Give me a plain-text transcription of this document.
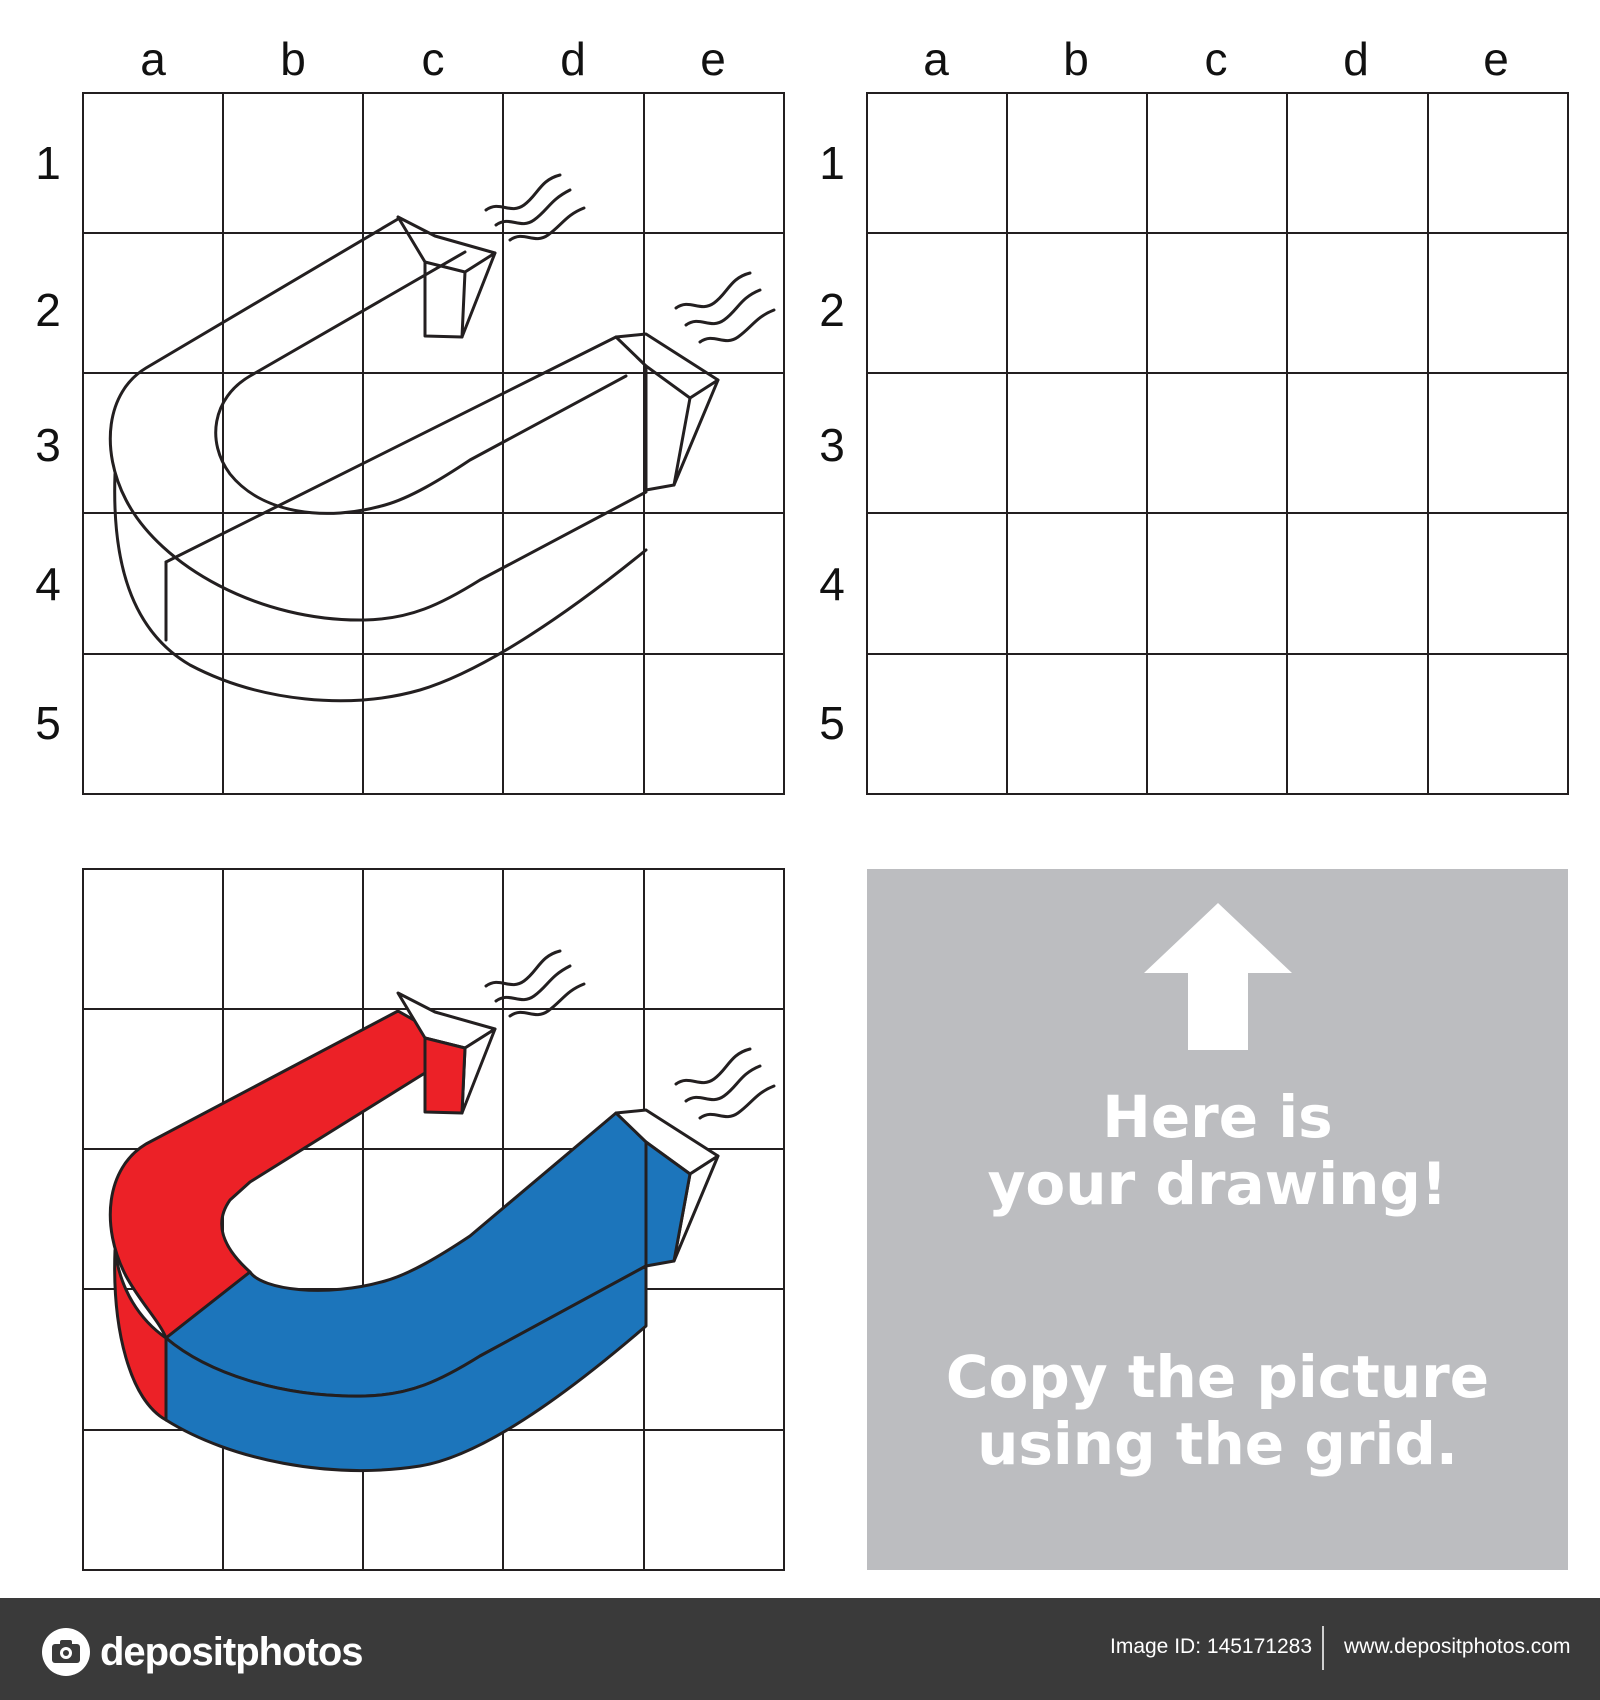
a	b	c	d	e
1
2
3
4
5
a	b	c	d	e
1
2
3
4
5
Here is
your drawing!
Copy the picture
using the grid.
depositphotos	Image ID: 145171283 www.depositphotos.com
